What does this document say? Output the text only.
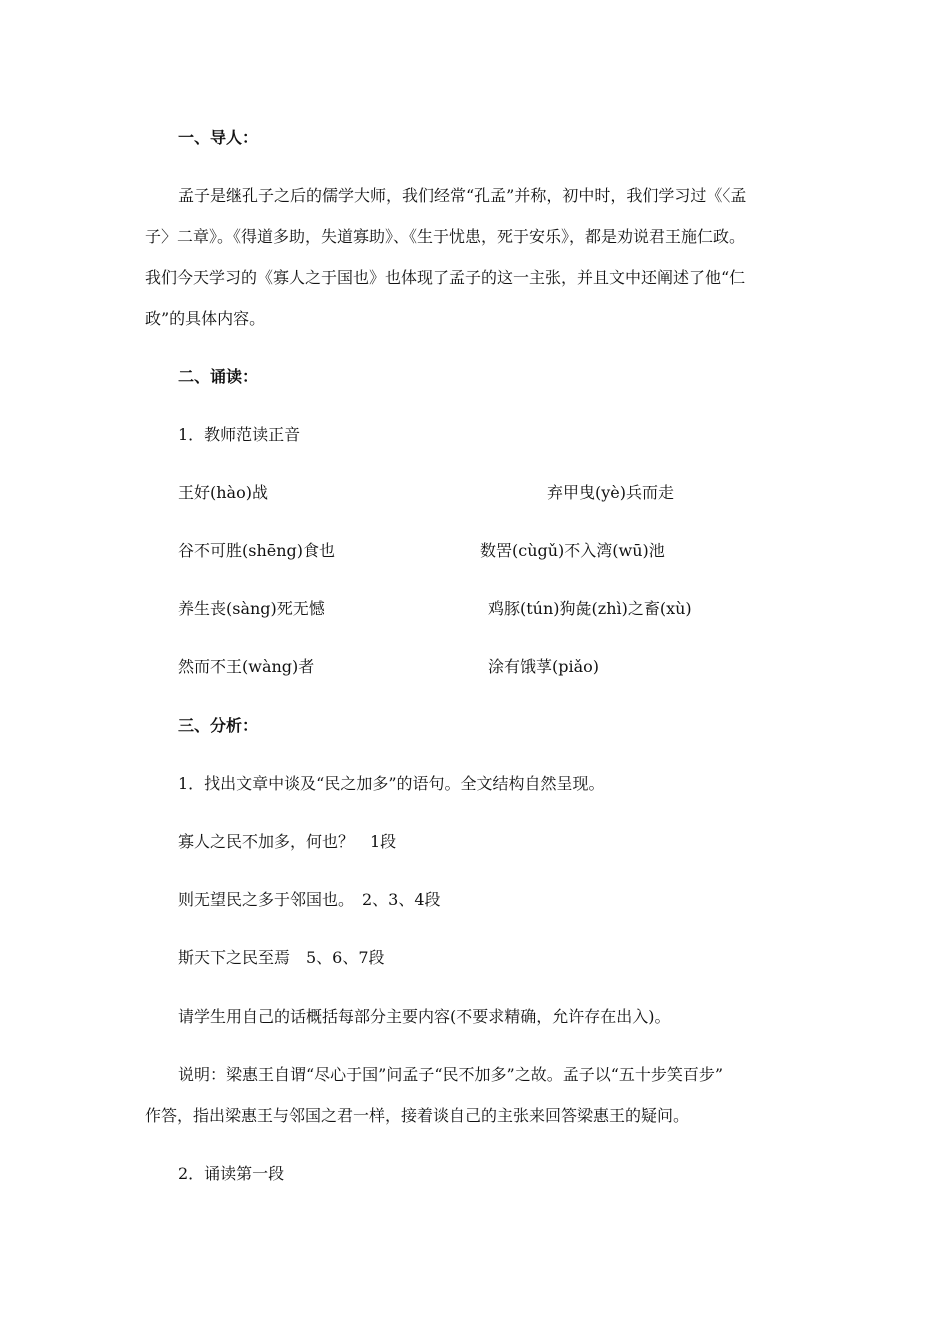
一、导人：
孟子是继孔子之后的儒学大师，我们经常“孔孟”并称，初中时，我们学习过《〈孟
子〉二章》。《得道多助，失道寡助》、《生于忧患，死于安乐》，都是劝说君王施仁政。
我们今天学习的《寡人之于国也》也体现了孟子的这一主张，并且文中还阐述了他“仁
政”的具体内容。
二、诵读：
1．教师范读正音
王好(hào)战	弃甲曳(yè)兵而走
谷不可胜(shēng)食也	数罟(cùgǔ)不入湾(wū)池
养生丧(sàng)死无憾	鸡豚(tún)狗彘(zhì)之畜(xù)
然而不王(wàng)者	涂有饿莩(piǎo)
三、分析：
1．找出文章中谈及“民之加多”的语句。全文结构自然呈现。
寡人之民不加多，何也？　1段
则无望民之多于邻国也。　2、3、4段
斯天下之民至焉　5、6、7段
请学生用自己的话概括每部分主要内容(不要求精确，允许存在出入)。
说明：梁惠王自谓“尽心于国”问孟子“民不加多”之故。孟子以“五十步笑百步”
作答，指出梁惠王与邻国之君一样，接着谈自己的主张来回答梁惠王的疑问。
2．诵读第一段
